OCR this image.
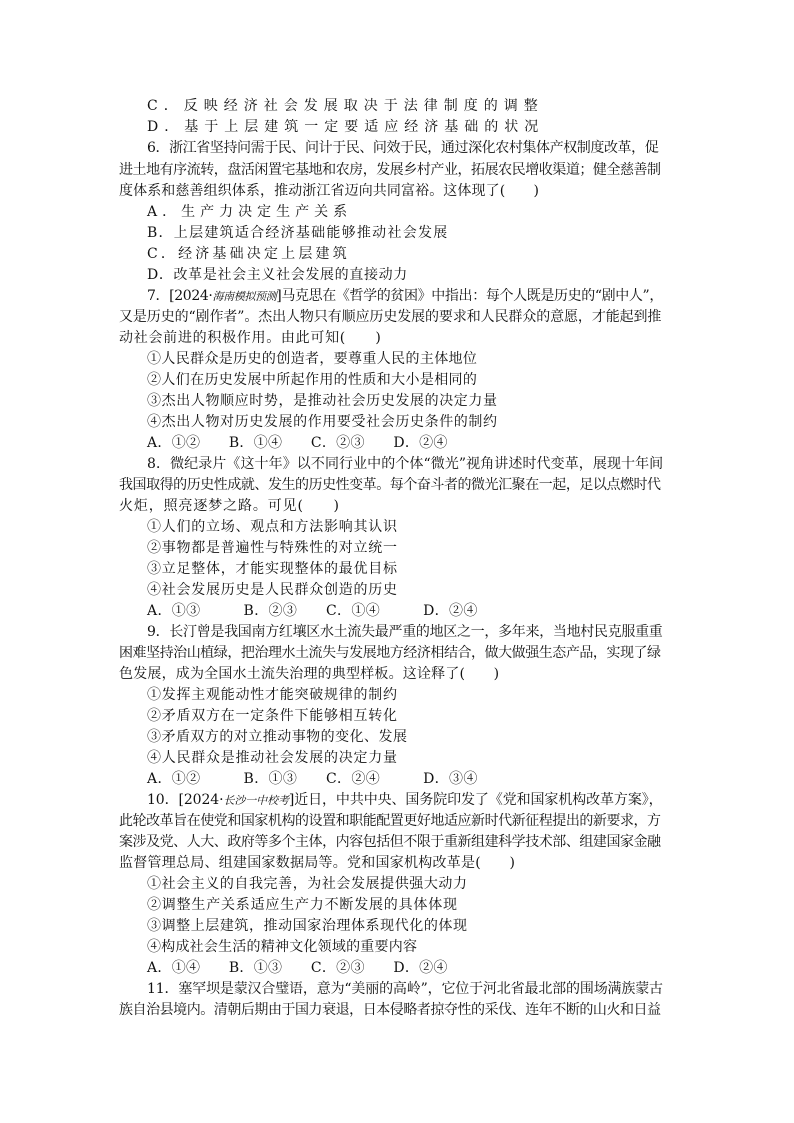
C．反映经济社会发展取决于法律制度的调整
D．基于上层建筑一定要适应经济基础的状况
6．浙江省坚持问需于民、问计于民、问效于民，通过深化农村集体产权制度改革，促
进土地有序流转，盘活闲置宅基地和农房，发展乡村产业，拓展农民增收渠道；健全慈善制
度体系和慈善组织体系，推动浙江省迈向共同富裕。这体现了(　　)
A．生产力决定生产关系
B．上层建筑适合经济基础能够推动社会发展
C．经济基础决定上层建筑
D．改革是社会主义社会发展的直接动力
7．[2024·海南模拟预测]马克思在《哲学的贫困》中指出：每个人既是历史的“剧中人”，
又是历史的“剧作者”。杰出人物只有顺应历史发展的要求和人民群众的意愿，才能起到推
动社会前进的积极作用。由此可知(　　)
①人民群众是历史的创造者，要尊重人民的主体地位
②人们在历史发展中所起作用的性质和大小是相同的
③杰出人物顺应时势，是推动社会历史发展的决定力量
④杰出人物对历史发展的作用要受社会历史条件的制约
A．①②　　B．①④　　C．②③　　D．②④
8．微纪录片《这十年》以不同行业中的个体“微光”视角讲述时代变革，展现十年间
我国取得的历史性成就、发生的历史性变革。每个奋斗者的微光汇聚在一起，足以点燃时代
火炬，照亮逐梦之路。可见(　　)
①人们的立场、观点和方法影响其认识
②事物都是普遍性与特殊性的对立统一
③立足整体，才能实现整体的最优目标
④社会发展历史是人民群众创造的历史
A．①③　　　B．②③　　C．①④　　　D．②④
9．长汀曾是我国南方红壤区水土流失最严重的地区之一，多年来，当地村民克服重重
困难坚持治山植绿，把治理水土流失与发展地方经济相结合，做大做强生态产品，实现了绿
色发展，成为全国水土流失治理的典型样板。这诠释了(　　)
①发挥主观能动性才能突破规律的制约
②矛盾双方在一定条件下能够相互转化
③矛盾双方的对立推动事物的变化、发展
④人民群众是推动社会发展的决定力量
A．①②　　　B．①③　　C．②④　　　D．③④
10．[2024·长沙一中校考]近日，中共中央、国务院印发了《党和国家机构改革方案》，
此轮改革旨在使党和国家机构的设置和职能配置更好地适应新时代新征程提出的新要求，方
案涉及党、人大、政府等多个主体，内容包括但不限于重新组建科学技术部、组建国家金融
监督管理总局、组建国家数据局等。党和国家机构改革是(　　)
①社会主义的自我完善，为社会发展提供强大动力
②调整生产关系适应生产力不断发展的具体体现
③调整上层建筑，推动国家治理体系现代化的体现
④构成社会生活的精神文化领域的重要内容
A．①④　　B．①③　　C．②③　　D．②④
11．塞罕坝是蒙汉合璧语，意为“美丽的高岭”，它位于河北省最北部的围场满族蒙古
族自治县境内。清朝后期由于国力衰退，日本侵略者掠夺性的采伐、连年不断的山火和日益
